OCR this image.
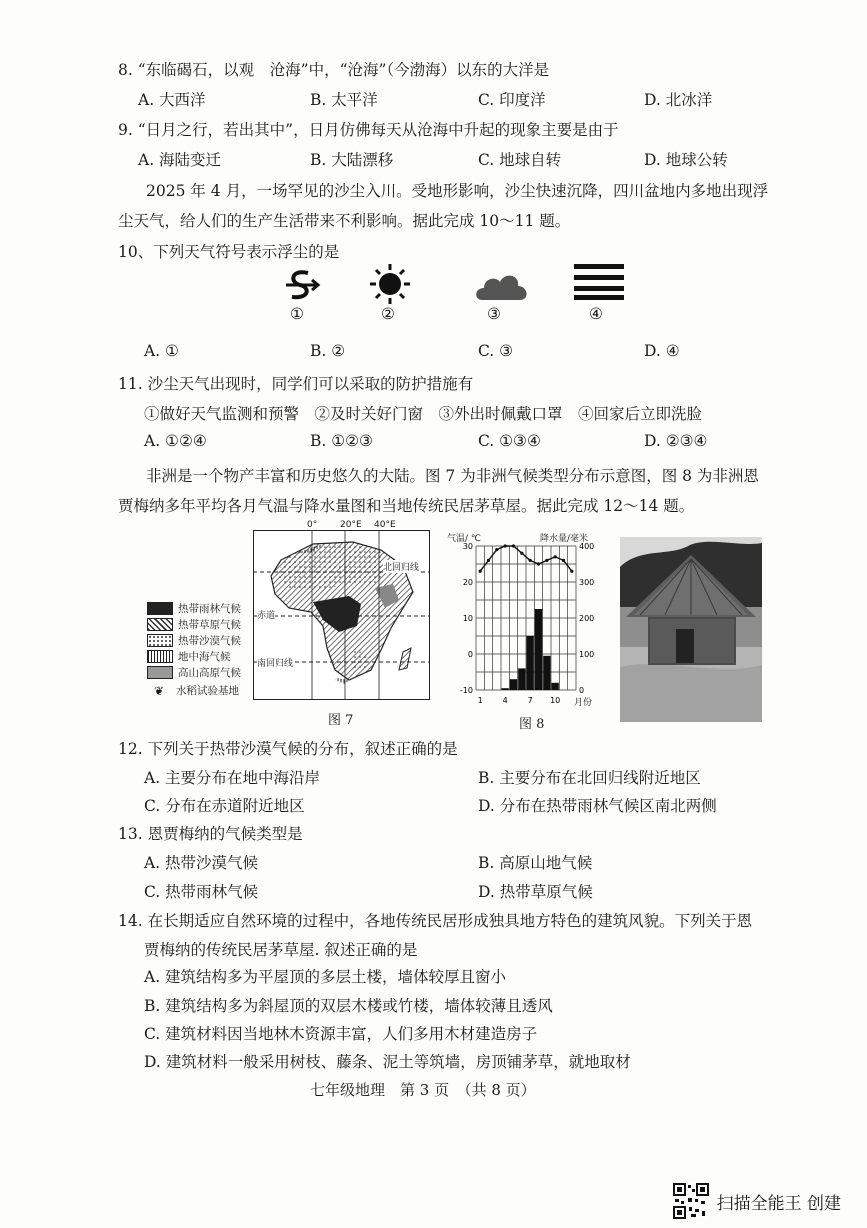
8. “东临碣石，以观　沧海”中，“沧海”（今渤海）以东的大洋是
A. 大西洋	B. 太平洋	C. 印度洋	D. 北冰洋
9. “日月之行，若出其中”，日月仿佛每天从沧海中升起的现象主要是由于
A. 海陆变迁	B. 大陆漂移	C. 地球自转	D. 地球公转
2025 年 4 月，一场罕见的沙尘入川。受地形影响，沙尘快速沉降，四川盆地内多地出现浮
尘天气，给人们的生产生活带来不利影响。据此完成 10～11 题。
10、下列天气符号表示浮尘的是
①	②	③	④
A. ①	B. ②	C. ③	D. ④
11. 沙尘天气出现时，同学们可以采取的防护措施有
①做好天气监测和预警　②及时关好门窗　③外出时佩戴口罩　④回家后立即洗脸
A. ①②④	B. ①②③	C. ①③④	D. ②③④
非洲是一个物产丰富和历史悠久的大陆。图 7 为非洲气候类型分布示意图，图 8 为非洲恩
贾梅纳多年平均各月气温与降水量图和当地传统民居茅草屋。据此完成 12～14 题。
0°	20°E 40°E
北回归线
赤道
南回归线
热带雨林气候
热带草原气候
热带沙漠气候
地中海气候
高山高原气候
❦	水稻试验基地
图 7
气温/ ℃	降水量/毫米
30
20
10
0
-10
400
300
200
100
0
1 4 7 10 月份
图 8
12. 下列关于热带沙漠气候的分布，叙述正确的是
A. 主要分布在地中海沿岸	B. 主要分布在北回归线附近地区
C. 分布在赤道附近地区	D. 分布在热带雨林气候区南北两侧
13. 恩贾梅纳的气候类型是
A. 热带沙漠气候	B. 高原山地气候
C. 热带雨林气候	D. 热带草原气候
14. 在长期适应自然环境的过程中，各地传统民居形成独具地方特色的建筑风貌。下列关于恩
贾梅纳的传统民居茅草屋. 叙述正确的是
A. 建筑结构多为平屋顶的多层土楼，墙体较厚且窗小
B. 建筑结构多为斜屋顶的双层木楼或竹楼，墙体较薄且透风
C. 建筑材料因当地林木资源丰富，人们多用木材建造房子
D. 建筑材料一般采用树枝、藤条、泥土等筑墙，房顶铺茅草，就地取材
七年级地理　第 3 页　（共 8 页）
扫描全能王 创建
